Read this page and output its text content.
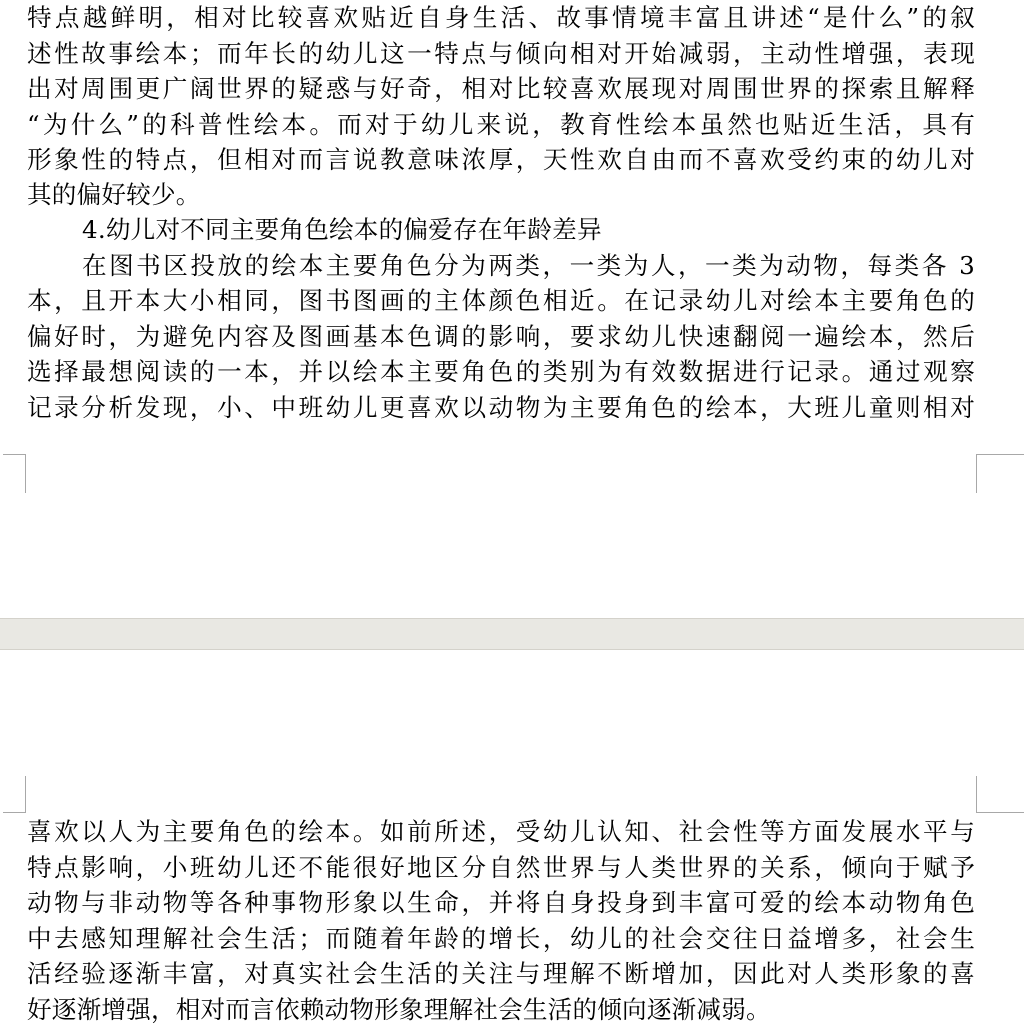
特点越鲜明，相对比较喜欢贴近自身生活、故事情境丰富且讲述“是什么”的叙
述性故事绘本；而年长的幼儿这一特点与倾向相对开始减弱，主动性增强，表现
出对周围更广阔世界的疑惑与好奇，相对比较喜欢展现对周围世界的探索且解释
“为什么”的科普性绘本。而对于幼儿来说，教育性绘本虽然也贴近生活，具有
形象性的特点，但相对而言说教意味浓厚，天性欢自由而不喜欢受约束的幼儿对
其的偏好较少。
4.幼儿对不同主要角色绘本的偏爱存在年龄差异
在图书区投放的绘本主要角色分为两类，一类为人，一类为动物，每类各 3
本，且开本大小相同，图书图画的主体颜色相近。在记录幼儿对绘本主要角色的
偏好时，为避免内容及图画基本色调的影响，要求幼儿快速翻阅一遍绘本，然后
选择最想阅读的一本，并以绘本主要角色的类别为有效数据进行记录。通过观察
记录分析发现，小、中班幼儿更喜欢以动物为主要角色的绘本，大班儿童则相对
喜欢以人为主要角色的绘本。如前所述，受幼儿认知、社会性等方面发展水平与
特点影响，小班幼儿还不能很好地区分自然世界与人类世界的关系，倾向于赋予
动物与非动物等各种事物形象以生命，并将自身投身到丰富可爱的绘本动物角色
中去感知理解社会生活；而随着年龄的增长，幼儿的社会交往日益增多，社会生
活经验逐渐丰富，对真实社会生活的关注与理解不断增加，因此对人类形象的喜
好逐渐增强，相对而言依赖动物形象理解社会生活的倾向逐渐减弱。
